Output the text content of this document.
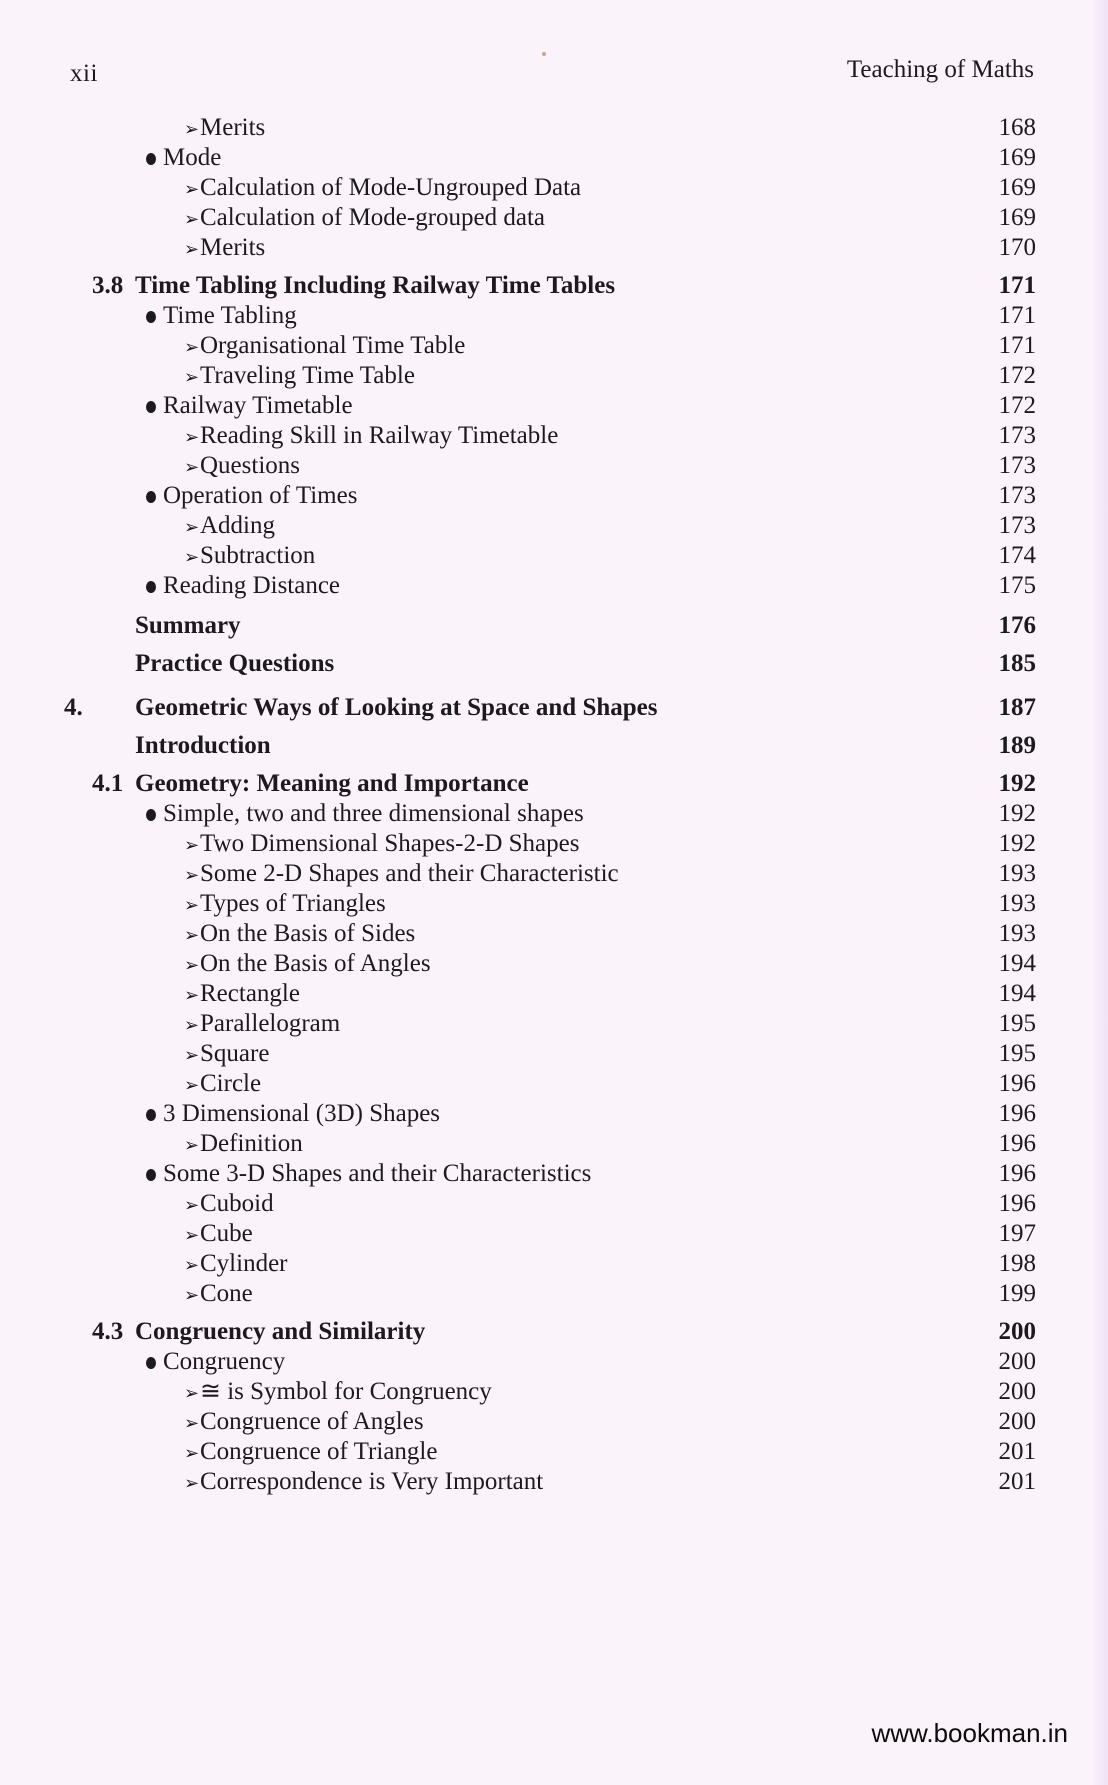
xii	Teaching of Maths
➢ Merits	168
Mode	169
➢ Calculation of Mode-Ungrouped Data	169
➢ Calculation of Mode-grouped data	169
➢ Merits	170
3.8 Time Tabling Including Railway Time Tables	171
Time Tabling	171
➢ Organisational Time Table	171
➢ Traveling Time Table	172
Railway Timetable	172
➢ Reading Skill in Railway Timetable	173
➢ Questions	173
Operation of Times	173
➢ Adding	173
➢ Subtraction	174
Reading Distance	175
Summary	176
Practice Questions	185
4. Geometric Ways of Looking at Space and Shapes	187
Introduction	189
4.1 Geometry: Meaning and Importance	192
Simple, two and three dimensional shapes	192
➢ Two Dimensional Shapes-2-D Shapes	192
➢ Some 2-D Shapes and their Characteristic	193
➢ Types of Triangles	193
➢ On the Basis of Sides	193
➢ On the Basis of Angles	194
➢ Rectangle	194
➢ Parallelogram	195
➢ Square	195
➢ Circle	196
3 Dimensional (3D) Shapes	196
➢ Definition	196
Some 3-D Shapes and their Characteristics	196
➢ Cuboid	196
➢ Cube	197
➢ Cylinder	198
➢ Cone	199
4.3 Congruency and Similarity	200
Congruency	200
➢ ≅ is Symbol for Congruency	200
➢ Congruence of Angles	200
➢ Congruence of Triangle	201
➢ Correspondence is Very Important	201
www.bookman.in
